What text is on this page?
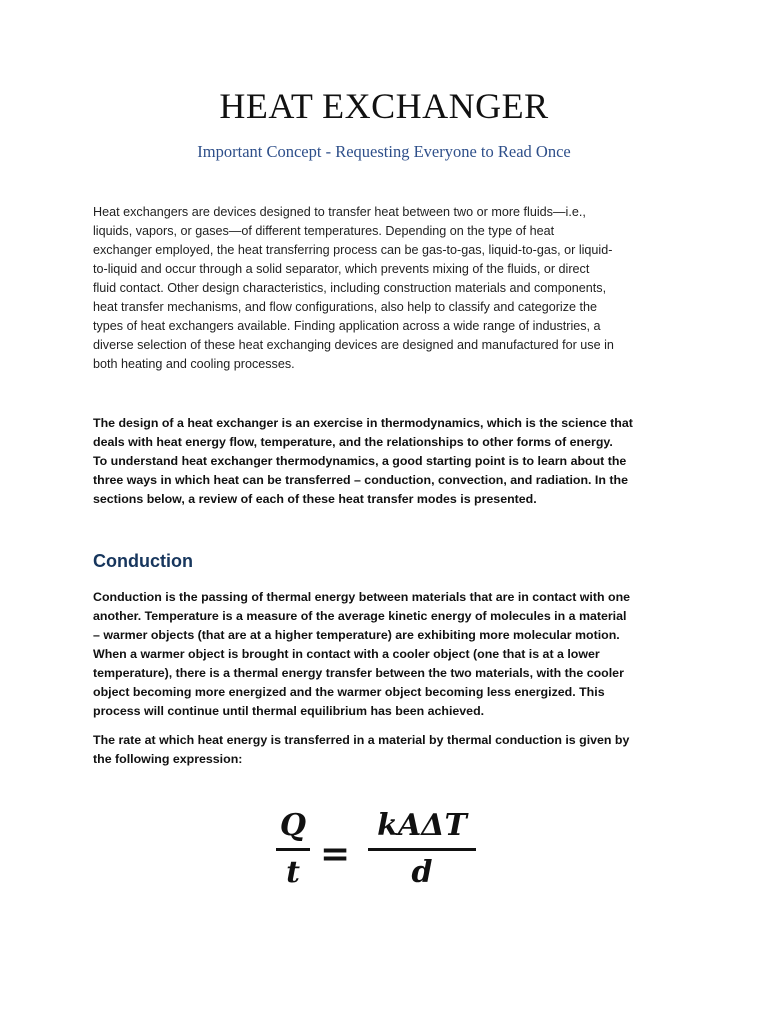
HEAT EXCHANGER

Important Concept - Requesting Everyone to Read Once

Heat exchangers are devices designed to transfer heat between two or more fluids—i.e.,
liquids, vapors, or gases—of different temperatures. Depending on the type of heat
exchanger employed, the heat transferring process can be gas-to-gas, liquid-to-gas, or liquid-
to-liquid and occur through a solid separator, which prevents mixing of the fluids, or direct
fluid contact. Other design characteristics, including construction materials and components,
heat transfer mechanisms, and flow configurations, also help to classify and categorize the
types of heat exchangers available. Finding application across a wide range of industries, a
diverse selection of these heat exchanging devices are designed and manufactured for use in
both heating and cooling processes.
The design of a heat exchanger is an exercise in thermodynamics, which is the science that
deals with heat energy flow, temperature, and the relationships to other forms of energy.
To understand heat exchanger thermodynamics, a good starting point is to learn about the
three ways in which heat can be transferred – conduction, convection, and radiation. In the
sections below, a review of each of these heat transfer modes is presented.
Conduction
Conduction is the passing of thermal energy between materials that are in contact with one
another. Temperature is a measure of the average kinetic energy of molecules in a material
– warmer objects (that are at a higher temperature) are exhibiting more molecular motion.
When a warmer object is brought in contact with a cooler object (one that is at a lower
temperature), there is a thermal energy transfer between the two materials, with the cooler
object becoming more energized and the warmer object becoming less energized. This
process will continue until thermal equilibrium has been achieved.
The rate at which heat energy is transferred in a material by thermal conduction is given by
the following expression:
Q
t =
kAΔT
d
